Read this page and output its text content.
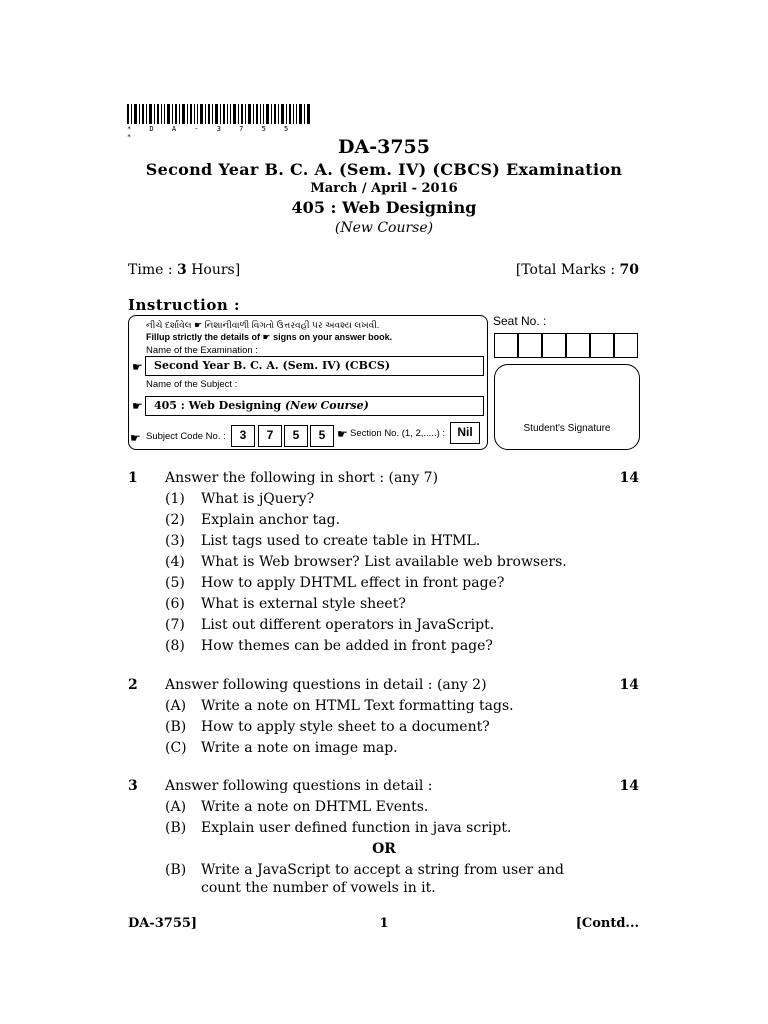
* D A - 3 7 5 5 *	DA-3755
Second Year B. C. A. (Sem. IV) (CBCS) Examination
March / April - 2016
405 : Web Designing
(New Course)
Time : 3 Hours]	[Total Marks : 70
Instruction :
નીચે દર્શાવેલ ☛ નિશાનીવાળી વિગતો ઉત્તરવહી પર અવશ્ય લખવી.
Fillup strictly the details of ☛ signs on your answer book.
Name of the Examination :
☛	Second Year B. C. A. (Sem. IV) (CBCS)
Name of the Subject :
☛	405 : Web Designing (New Course)
☛ Subject Code No. :	3	7	5	5 ☛ Section No. (1, 2,.....) :	Nil
Seat No. :
Student's Signature
1 Answer the following in short : (any 7)	14
(1) What is jQuery?
(2) Explain anchor tag.
(3) List tags used to create table in HTML.
(4) What is Web browser? List available web browsers.
(5) How to apply DHTML effect in front page?
(6) What is external style sheet?
(7) List out different operators in JavaScript.
(8) How themes can be added in front page?
2 Answer following questions in detail : (any 2)	14
(A) Write a note on HTML Text formatting tags.
(B) How to apply style sheet to a document?
(C) Write a note on image map.
3 Answer following questions in detail :	14
(A) Write a note on DHTML Events.
(B) Explain user defined function in java script.
OR
(B) Write a JavaScript to accept a string from user and
count the number of vowels in it.
DA-3755]	1	[Contd...
